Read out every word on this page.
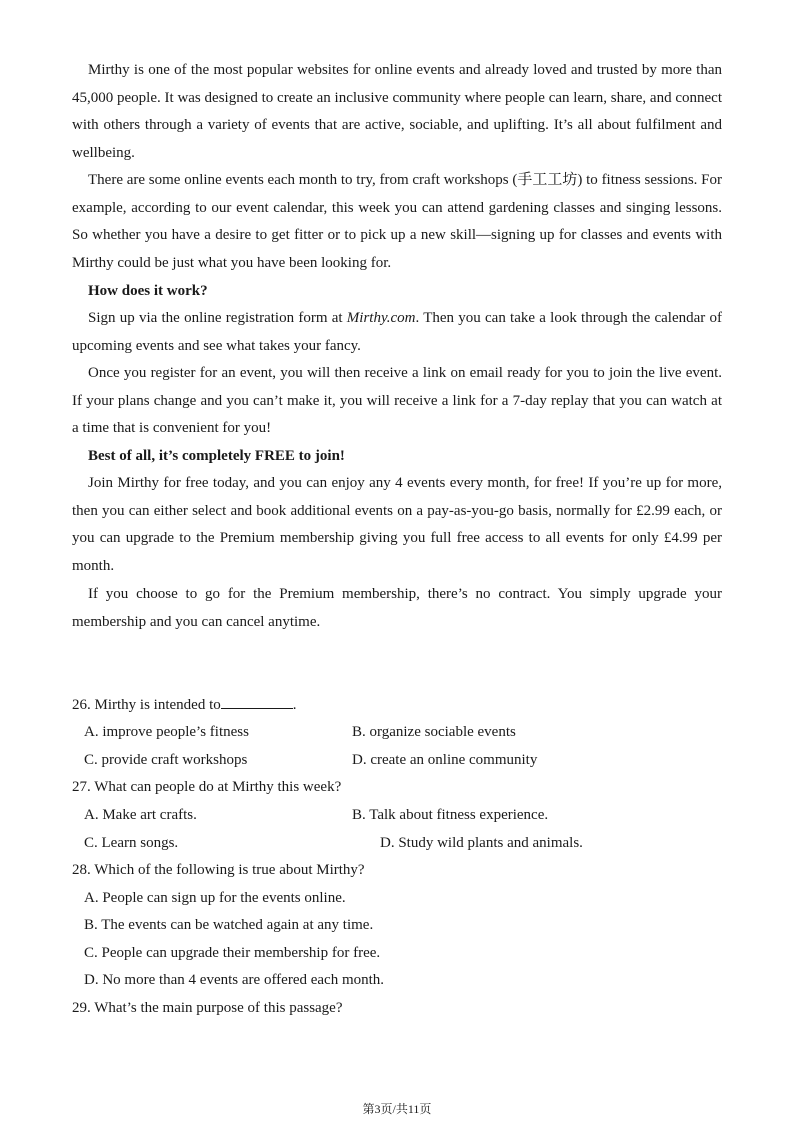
Mirthy is one of the most popular websites for online events and already loved and trusted by more than 45,000 people. It was designed to create an inclusive community where people can learn, share, and connect with others through a variety of events that are active, sociable, and uplifting. It’s all about fulfilment and wellbeing.

There are some online events each month to try, from craft workshops (手工工坊) to fitness sessions. For example, according to our event calendar, this week you can attend gardening classes and singing lessons. So whether you have a desire to get fitter or to pick up a new skill—signing up for classes and events with Mirthy could be just what you have been looking for.

How does it work?

Sign up via the online registration form at Mirthy.com. Then you can take a look through the calendar of upcoming events and see what takes your fancy.

Once you register for an event, you will then receive a link on email ready for you to join the live event. If your plans change and you can’t make it, you will receive a link for a 7-day replay that you can watch at a time that is convenient for you!

Best of all, it’s completely FREE to join!

Join Mirthy for free today, and you can enjoy any 4 events every month, for free! If you’re up for more, then you can either select and book additional events on a pay-as-you-go basis, normally for £2.99 each, or you can upgrade to the Premium membership giving you full free access to all events for only £4.99 per month.

If you choose to go for the Premium membership, there’s no contract. You simply upgrade your membership and you can cancel anytime.

26. Mirthy is intended to	.
A. improve people’s fitness	B. organize sociable events
C. provide craft workshops	D. create an online community
27. What can people do at Mirthy this week?
A. Make art crafts.	B. Talk about fitness experience.
C. Learn songs.	D. Study wild plants and animals.
28. Which of the following is true about Mirthy?
A. People can sign up for the events online.
B. The events can be watched again at any time.
C. People can upgrade their membership for free.
D. No more than 4 events are offered each month.
29. What’s the main purpose of this passage?
第3页/共11页
